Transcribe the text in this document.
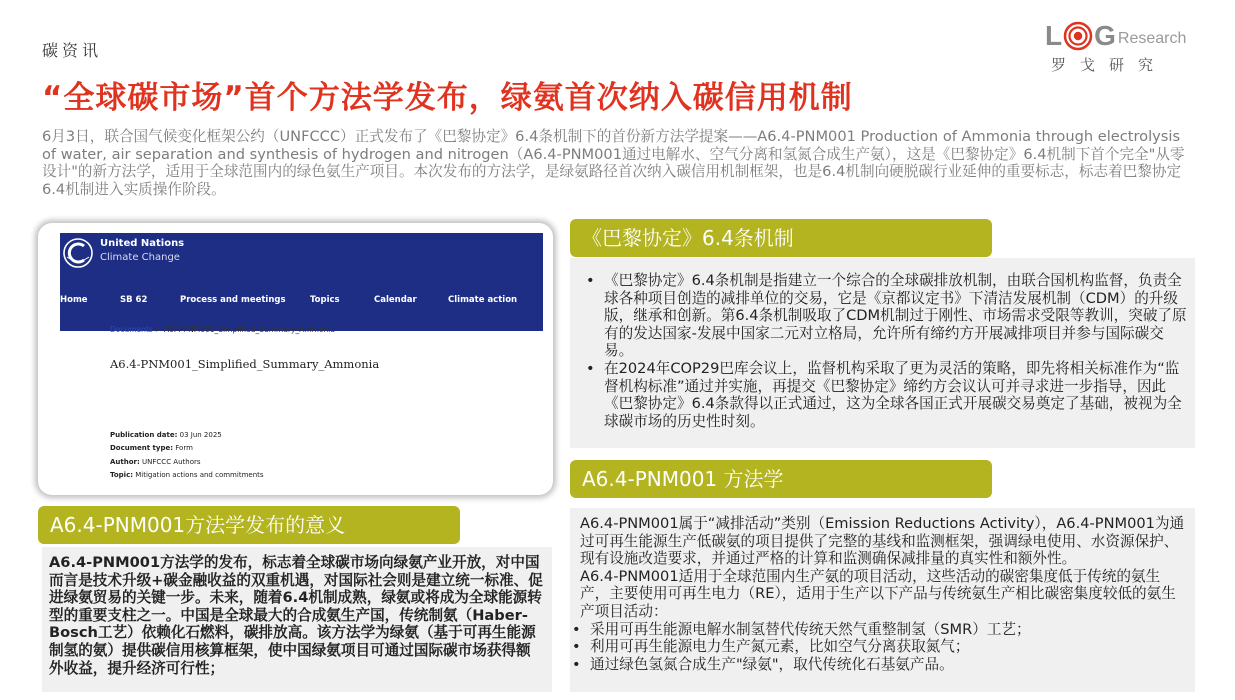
碳资讯	L G Research
罗戈研究
“全球碳市场”首个方法学发布，绿氨首次纳入碳信用机制
6月3日，联合国气候变化框架公约（UNFCCC）正式发布了《巴黎协定》6.4条机制下的首份新方法学提案——A6.4-PNM001 Production of Ammonia through electrolysis of water, air separation and synthesis of hydrogen and nitrogen（A6.4-PNM001通过电解水、空气分离和氢氮合成生产氨），这是《巴黎协定》6.4机制下首个完全"从零设计"的新方法学，适用于全球范围内的绿色氨生产项目。本次发布的方法学，是绿氨路径首次纳入碳信用机制框架，也是6.4机制向硬脱碳行业延伸的重要标志，标志着巴黎协定6.4机制进入实质操作阶段。
United Nations
Climate Change
Home	SB 62	Process and meetings	Topics	Calendar	Climate action
Documents > A6.4-PNM001_Simplified_Summary_Ammonia
A6.4-PNM001_Simplified_Summary_Ammonia
Publication date: 03 Jun 2025
Document type: Form
Author: UNFCCC Authors
Topic: Mitigation actions and commitments
A6.4-PNM001方法学的发布，标志着全球碳市场向绿氨产业开放，对中国而言是技术升级+碳金融收益的双重机遇，对国际社会则是建立统一标准、促进绿氨贸易的关键一步。未来，随着6.4机制成熟，绿氨或将成为全球能源转型的重要支柱之一。中国是全球最大的合成氨生产国，传统制氨（Haber-Bosch工艺）依赖化石燃料，碳排放高。该方法学为绿氨（基于可再生能源制氢的氨）提供碳信用核算框架，使中国绿氨项目可通过国际碳市场获得额外收益，提升经济可行性；
A6.4-PNM001方法学发布的意义
• 《巴黎协定》6.4条机制是指建立一个综合的全球碳排放机制，由联合国机构监督，负责全球各种项目创造的减排单位的交易，它是《京都议定书》下清洁发展机制（CDM）的升级版，继承和创新。第6.4条机制吸取了CDM机制过于刚性、市场需求受限等教训，突破了原有的发达国家-发展中国家二元对立格局，允许所有缔约方开展减排项目并参与国际碳交易。
• 在2024年COP29巴库会议上，监督机构采取了更为灵活的策略，即先将相关标准作为“监督机构标准”通过并实施，再提交《巴黎协定》缔约方会议认可并寻求进一步指导，因此《巴黎协定》6.4条款得以正式通过，这为全球各国正式开展碳交易奠定了基础，被视为全球碳市场的历史性时刻。
《巴黎协定》6.4条机制
A6.4-PNM001属于“减排活动”类别（Emission Reductions Activity），A6.4-PNM001为通过可再生能源生产低碳氨的项目提供了完整的基线和监测框架，强调绿电使用、水资源保护、现有设施改造要求，并通过严格的计算和监测确保减排量的真实性和额外性。
A6.4-PNM001适用于全球范围内生产氨的项目活动，这些活动的碳密集度低于传统的氨生产，主要使用可再生电力（RE），适用于生产以下产品与传统氨生产相比碳密集度较低的氨生产项目活动：
• 采用可再生能源电解水制氢替代传统天然气重整制氢（SMR）工艺；
• 利用可再生能源电力生产氮元素，比如空气分离获取氮气；
• 通过绿色氢氮合成生产"绿氨"，取代传统化石基氨产品。
A6.4-PNM001 方法学
